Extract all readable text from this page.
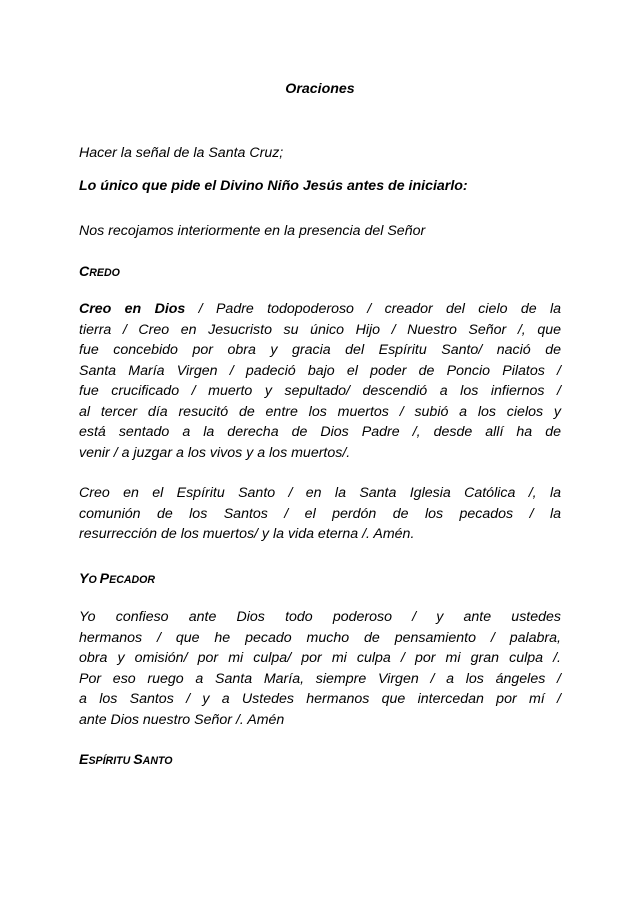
Oraciones

Hacer la señal de la Santa Cruz;

Lo único que pide el Divino Niño Jesús antes de iniciarlo:

Nos recojamos interiormente en la presencia del Señor

CREDO
Creo en Dios / Padre todopoderoso / creador del cielo de la
tierra / Creo en Jesucristo su único Hijo / Nuestro Señor /, que
fue concebido por obra y gracia del Espíritu Santo/ nació de
Santa María Virgen / padeció bajo el poder de Poncio Pilatos /
fue crucificado / muerto y sepultado/ descendió a los infiernos /
al tercer día resucitó de entre los muertos / subió a los cielos y
está sentado a la derecha de Dios Padre /, desde allí ha de
venir / a juzgar a los vivos y a los muertos/.
Creo en el Espíritu Santo / en la Santa Iglesia Católica /, la
comunión de los Santos / el perdón de los pecados / la
resurrección de los muertos/ y la vida eterna /. Amén.
YO PECADOR
Yo confieso ante Dios todo poderoso / y ante ustedes
hermanos / que he pecado mucho de pensamiento / palabra,
obra y omisión/ por mi culpa/ por mi culpa / por mi gran culpa /.
Por eso ruego a Santa María, siempre Virgen / a los ángeles /
a los Santos / y a Ustedes hermanos que intercedan por mí /
ante Dios nuestro Señor /. Amén
ESPÍRITU SANTO
